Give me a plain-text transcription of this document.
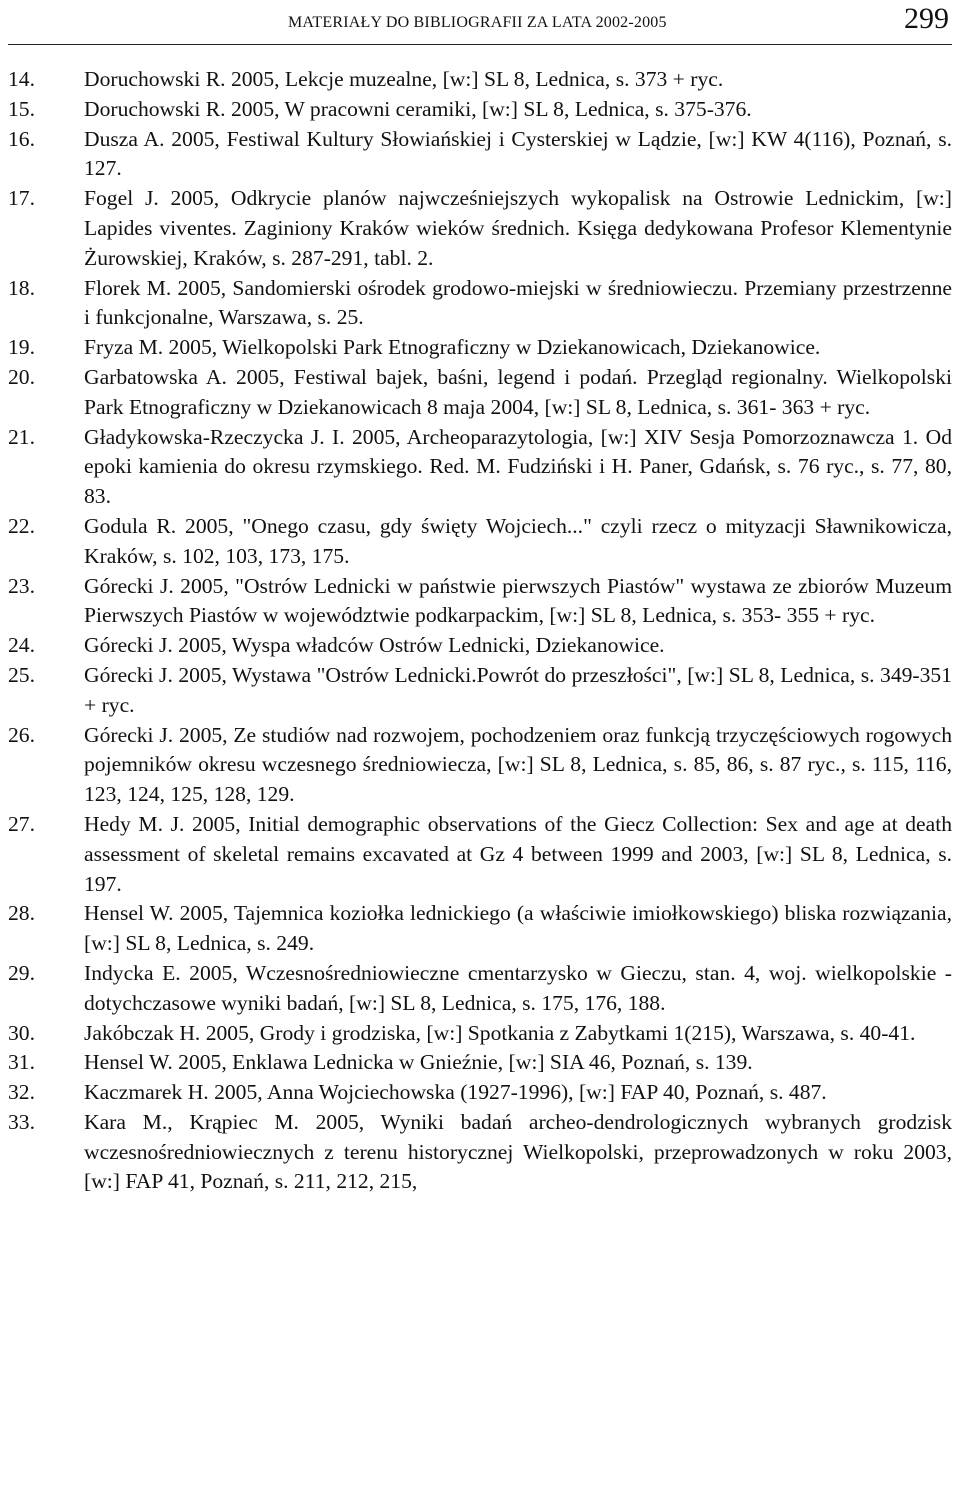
MATERIAŁY DO BIBLIOGRAFII ZA LATA 2002-2005	299
14. Doruchowski R. 2005, Lekcje muzealne, [w:] SL 8, Lednica, s. 373 + ryc.
15. Doruchowski R. 2005, W pracowni ceramiki, [w:] SL 8, Lednica, s. 375-376.
16. Dusza A. 2005, Festiwal Kultury Słowiańskiej i Cysterskiej w Lądzie, [w:] KW 4(116), Poznań, s. 127.
17. Fogel J. 2005, Odkrycie planów najwcześniejszych wykopalisk na Ostrowie Lednickim, [w:] Lapides viventes. Zaginiony Kraków wieków średnich. Księga dedykowana Profesor Klementynie Żurowskiej, Kraków, s. 287-291, tabl. 2.
18. Florek M. 2005, Sandomierski ośrodek grodowo-miejski w średniowieczu. Przemiany przestrzenne i funkcjonalne, Warszawa, s. 25.
19. Fryza M. 2005, Wielkopolski Park Etnograficzny w Dziekanowicach, Dziekanowice.
20. Garbatowska A. 2005, Festiwal bajek, baśni, legend i podań. Przegląd regionalny. Wielkopolski Park Etnograficzny w Dziekanowicach 8 maja 2004, [w:] SL 8, Lednica, s. 361- 363 + ryc.
21. Gładykowska-Rzeczycka J. I. 2005, Archeoparazytologia, [w:] XIV Sesja Pomorzoznawcza 1. Od epoki kamienia do okresu rzymskiego. Red. M. Fudziński i H. Paner, Gdańsk, s. 76 ryc., s. 77, 80, 83.
22. Godula R. 2005, "Onego czasu, gdy święty Wojciech..." czyli rzecz o mityzacji Sławnikowicza, Kraków, s. 102, 103, 173, 175.
23. Górecki J. 2005, "Ostrów Lednicki w państwie pierwszych Piastów" wystawa ze zbiorów Muzeum Pierwszych Piastów w województwie podkarpackim, [w:] SL 8, Lednica, s. 353- 355 + ryc.
24. Górecki J. 2005, Wyspa władców Ostrów Lednicki, Dziekanowice.
25. Górecki J. 2005, Wystawa "Ostrów Lednicki.Powrót do przeszłości", [w:] SL 8, Lednica, s. 349-351 + ryc.
26. Górecki J. 2005, Ze studiów nad rozwojem, pochodzeniem oraz funkcją trzyczęściowych rogowych pojemników okresu wczesnego średniowiecza, [w:] SL 8, Lednica, s. 85, 86, s. 87 ryc., s. 115, 116, 123, 124, 125, 128, 129.
27. Hedy M. J. 2005, Initial demographic observations of the Giecz Collection: Sex and age at death assessment of skeletal remains excavated at Gz 4 between 1999 and 2003, [w:] SL 8, Lednica, s. 197.
28. Hensel W. 2005, Tajemnica koziołka lednickiego (a właściwie imiołkowskiego) bliska rozwiązania, [w:] SL 8, Lednica, s. 249.
29. Indycka E. 2005, Wczesnośredniowieczne cmentarzysko w Gieczu, stan. 4, woj. wielkopolskie - dotychczasowe wyniki badań, [w:] SL 8, Lednica, s. 175, 176, 188.
30. Jakóbczak H. 2005, Grody i grodziska, [w:] Spotkania z Zabytkami 1(215), Warszawa, s. 40-41.
31. Hensel W. 2005, Enklawa Lednicka w Gnieźnie, [w:] SIA 46, Poznań, s. 139.
32. Kaczmarek H. 2005, Anna Wojciechowska (1927-1996), [w:] FAP 40, Poznań, s. 487.
33. Kara M., Krąpiec M. 2005, Wyniki badań archeo-dendrologicznych wybranych grodzisk wczesnośredniowiecznych z terenu historycznej Wielkopolski, przeprowadzonych w roku 2003, [w:] FAP 41, Poznań, s. 211, 212, 215,
